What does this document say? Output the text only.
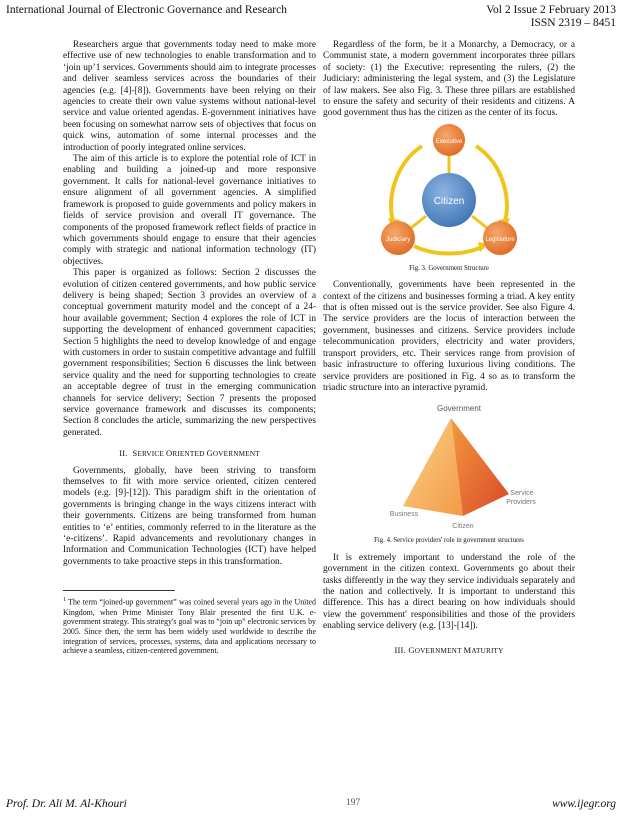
International Journal of Electronic Governance and Research	Vol 2 Issue 2 February 2013
ISSN 2319 – 8451

Researchers argue that governments today need to make more effective use of new technologies to enable transformation and to ‘join up’1 services. Governments should aim to integrate processes and deliver seamless services across the boundaries of their agencies (e.g. [4]-[8]). Governments have been relying on their agencies to create their own value systems without national-level service and value oriented agendas. E-government initiatives have been focusing on somewhat narrow sets of objectives that focus on quick wins, automation of some internal processes and the introduction of poorly integrated online services.

The aim of this article is to explore the potential role of ICT in enabling and building a joined-up and more responsive government. It calls for national-level governance initiatives to ensure alignment of all government agencies. A simplified framework is proposed to guide governments and policy makers in fields of service provision and overall IT governance. The components of the proposed framework reflect fields of practice in which governments should engage to ensure that their agencies comply with strategic and national information technology (IT) objectives.

This paper is organized as follows: Section 2 discusses the evolution of citizen centered governments, and how public service delivery is being shaped; Section 3 provides an overview of a conceptual government maturity model and the concept of a 24-hour available government; Section 4 explores the role of ICT in supporting the development of enhanced government capacities; Section 5 highlights the need to develop knowledge of and engage with customers in order to sustain competitive advantage and fulfill government responsibilities; Section 6 discusses the link between service quality and the need for supporting technologies to create an acceptable degree of trust in the emerging communication channels for service delivery; Section 7 presents the proposed service governance framework and discusses its components; Section 8 concludes the article, summarizing the new perspectives generated.

II. SERVICE ORIENTED GOVERNMENT

Governments, globally, have been striving to transform themselves to fit with more service oriented, citizen centered models (e.g. [9]-[12]). This paradigm shift in the orientation of governments is bringing change in the ways citizens interact with their governments. Citizens are being transformed from human entities to ‘e’ entities, commonly referred to in the literature as the ‘e-citizens’. Rapid advancements and revolutionary changes in Information and Communication Technologies (ICT) have helped governments to take proactive steps in this transformation.

$^1$ The term “joined-up government” was coined several years ago in the United Kingdom, when Prime Minister Tony Blair presented the first U.K. e-government strategy. This strategy's goal was to “join up” electronic services by 2005. Since then, the term has been widely used worldwide to describe the integration of services, processes, systems, data and applications necessary to achieve a seamless, citizen-centered government.

Regardless of the form, be it a Monarchy, a Democracy, or a Communist state, a modern government incorporates three pillars of society: (1) the Executive: representing the rulers, (2) the Judiciary: administering the legal system, and (3) the Legislature of law makers. See also Fig. 3. These three pillars are established to ensure the safety and security of their residents and citizens. A good government thus has the citizen as the center of its focus.

Citizen
Executive
Judiciary	Legislature
Fig. 3. Government Structure

Conventionally, governments have been represented in the context of the citizens and businesses forming a triad. A key entity that is often missed out is the service provider. See also Figure 4. The service providers are the locus of interaction between the government, businesses and citizens. Service providers include telecommunication providers, electricity and water providers, transport providers, etc. Their services range from provision of basic infrastructure to offering luxurious living conditions. The service providers are positioned in Fig. 4 so as to transform the triadic structure into an interactive pyramid.

Government
Business
Citizen
Service
Providers
Fig. 4. Service providers' role in government structures

It is extremely important to understand the role of the government in the citizen context. Governments go about their tasks differently in the way they service individuals separately and the nation and collectively. It is important to understand this difference. This has a direct bearing on how individuals should view the government' responsibilities and those of the providers enabling service delivery (e.g. [13]-[14]).

III. GOVERNMENT MATURITY
Prof. Dr. Ali M. Al-Khouri	197	www.ijegr.org
